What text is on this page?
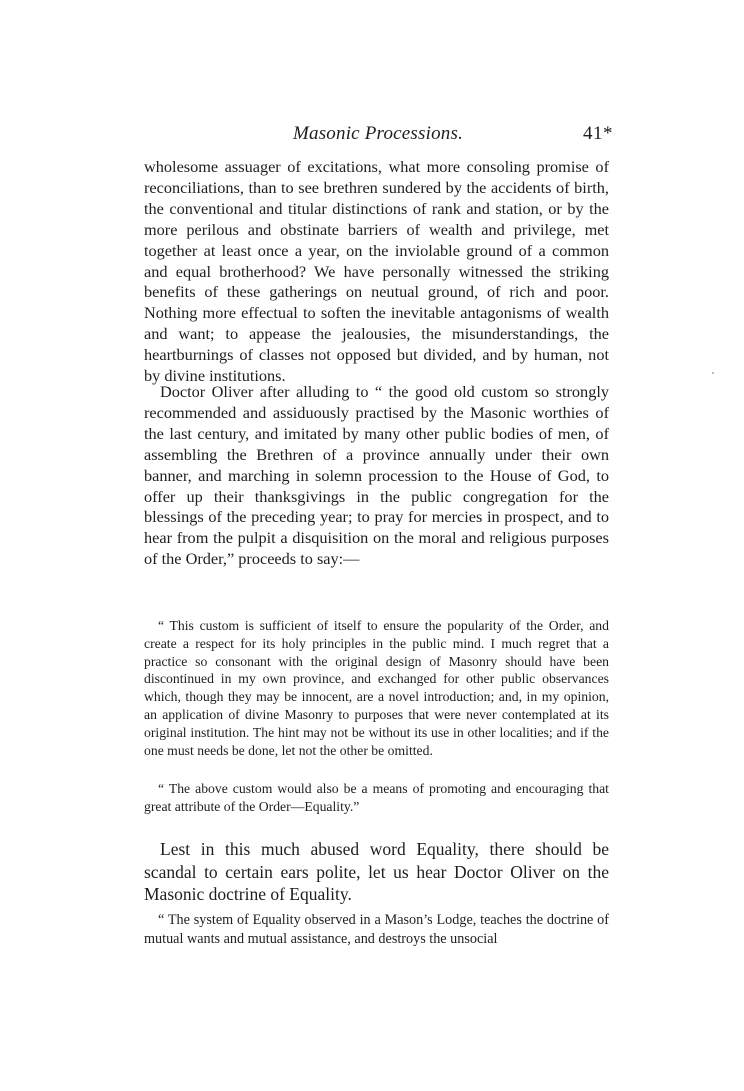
Masonic Processions.	41*

wholesome assuager of excitations, what more consoling promise of reconciliations, than to see brethren sundered by the accidents of birth, the conventional and titular distinctions of rank and station, or by the more perilous and obstinate barriers of wealth and privilege, met together at least once a year, on the inviolable ground of a common and equal brotherhood? We have personally witnessed the striking benefits of these gatherings on neutual ground, of rich and poor. Nothing more effectual to soften the inevitable antagonisms of wealth and want; to appease the jealousies, the misunderstandings, the heartburnings of classes not opposed but divided, and by human, not by divine institutions.

Doctor Oliver after alluding to “ the good old custom so strongly recommended and assiduously practised by the Masonic worthies of the last century, and imitated by many other public bodies of men, of assembling the Brethren of a province annually under their own banner, and marching in solemn procession to the House of God, to offer up their thanksgivings in the public congregation for the blessings of the preceding year; to pray for mercies in prospect, and to hear from the pulpit a disquisition on the moral and religious purposes of the Order,” proceeds to say:—

“ This custom is sufficient of itself to ensure the popularity of the Order, and create a respect for its holy principles in the public mind. I much regret that a practice so consonant with the original design of Masonry should have been discontinued in my own province, and exchanged for other public observances which, though they may be innocent, are a novel introduction; and, in my opinion, an application of divine Masonry to purposes that were never contemplated at its original institution. The hint may not be without its use in other localities; and if the one must needs be done, let not the other be omitted.

“ The above custom would also be a means of promoting and encouraging that great attribute of the Order—Equality.”

Lest in this much abused word Equality, there should be scandal to certain ears polite, let us hear Doctor Oliver on the Masonic doctrine of Equality.

“ The system of Equality observed in a Mason’s Lodge, teaches the doctrine of mutual wants and mutual assistance, and destroys the unsocial
